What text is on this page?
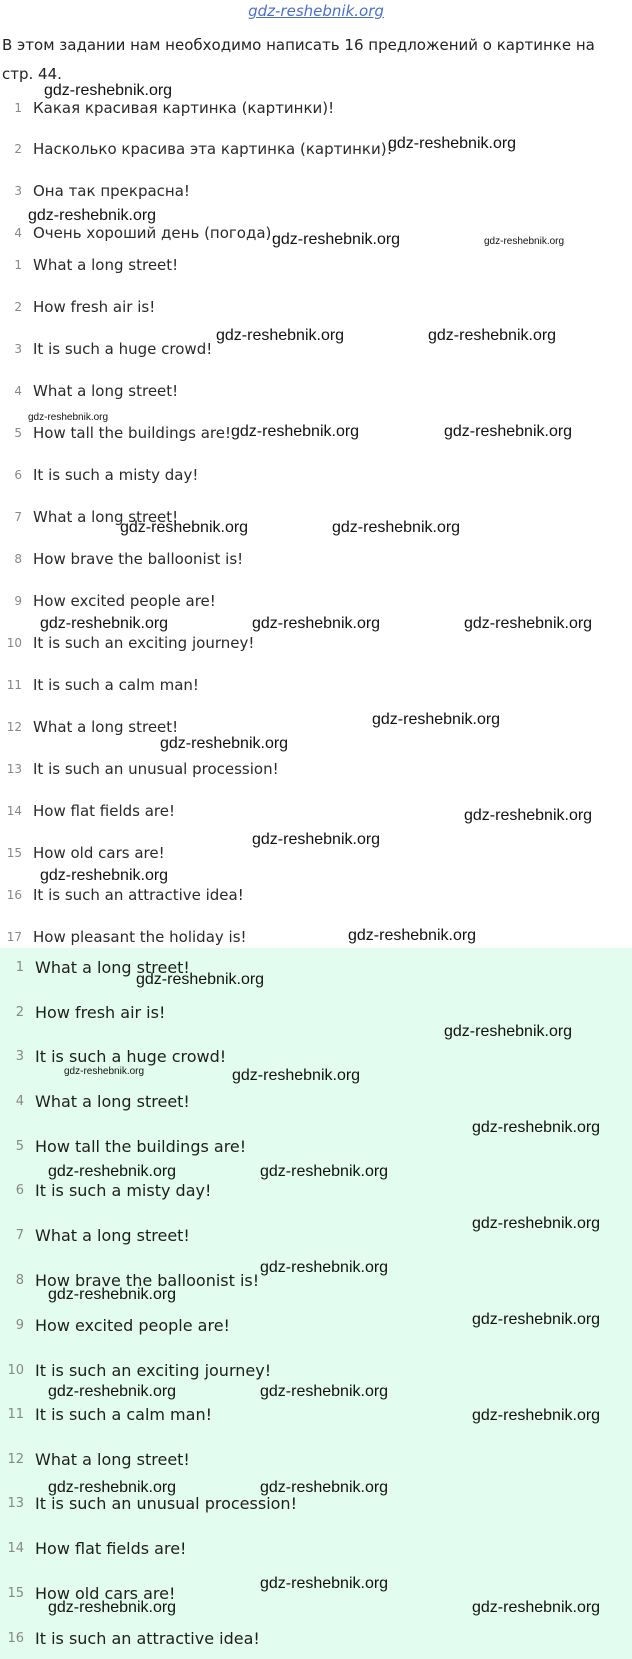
gdz-reshebnik.org
В этом задании нам необходимо написать 16 предложений о картинке на стр. 44.
1 Какая красивая картинка (картинки)!
2 Насколько красива эта картинка (картинки)!
3 Она так прекрасна!
4 Очень хороший день (погода).
1 What a long street!
2 How fresh air is!
3 It is such a huge crowd!
4 What a long street!
5 How tall the buildings are!
6 It is such a misty day!
7 What a long street!
8 How brave the balloonist is!
9 How excited people are!
10 It is such an exciting journey!
11 It is such a calm man!
12 What a long street!
13 It is such an unusual procession!
14 How flat fields are!
15 How old cars are!
16 It is such an attractive idea!
17 How pleasant the holiday is!
1 What a long street!
2 How fresh air is!
3 It is such a huge crowd!
4 What a long street!
5 How tall the buildings are!
6 It is such a misty day!
7 What a long street!
8 How brave the balloonist is!
9 How excited people are!
10 It is such an exciting journey!
11 It is such a calm man!
12 What a long street!
13 It is such an unusual procession!
14 How flat fields are!
15 How old cars are!
16 It is such an attractive idea!
gdz-reshebnik.org
gdz-reshebnik.org
gdz-reshebnik.org
gdz-reshebnik.org	gdz-reshebnik.org
gdz-reshebnik.org	gdz-reshebnik.org
gdz-reshebnik.org
gdz-reshebnik.org	gdz-reshebnik.org
gdz-reshebnik.org	gdz-reshebnik.org
gdz-reshebnik.org	gdz-reshebnik.org	gdz-reshebnik.org
gdz-reshebnik.org
gdz-reshebnik.org
gdz-reshebnik.org
gdz-reshebnik.org
gdz-reshebnik.org
gdz-reshebnik.org
gdz-reshebnik.org
gdz-reshebnik.org
gdz-reshebnik.org	gdz-reshebnik.org
gdz-reshebnik.org
gdz-reshebnik.org	gdz-reshebnik.org
gdz-reshebnik.org
gdz-reshebnik.org
gdz-reshebnik.org
gdz-reshebnik.org
gdz-reshebnik.org	gdz-reshebnik.org
gdz-reshebnik.org
gdz-reshebnik.org	gdz-reshebnik.org
gdz-reshebnik.org
gdz-reshebnik.org	gdz-reshebnik.org
